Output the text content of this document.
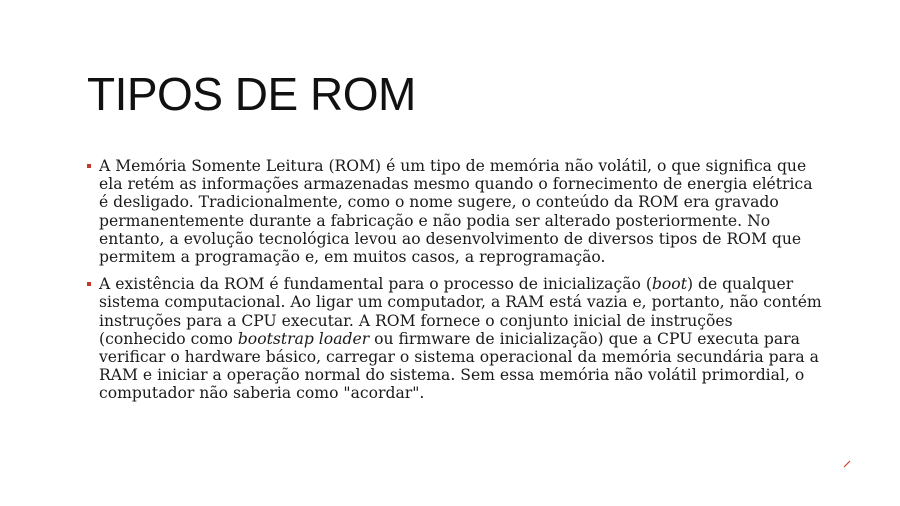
TIPOS DE ROM
A Memória Somente Leitura (ROM) é um tipo de memória não volátil, o que significa que ela retém as informações armazenadas mesmo quando o fornecimento de energia elétrica é desligado. Tradicionalmente, como o nome sugere, o conteúdo da ROM era gravado permanentemente durante a fabricação e não podia ser alterado posteriormente. No entanto, a evolução tecnológica levou ao desenvolvimento de diversos tipos de ROM que permitem a programação e, em muitos casos, a reprogramação.
A existência da ROM é fundamental para o processo de inicialização (boot) de qualquer sistema computacional. Ao ligar um computador, a RAM está vazia e, portanto, não contém instruções para a CPU executar. A ROM fornece o conjunto inicial de instruções (conhecido como bootstrap loader ou firmware de inicialização) que a CPU executa para verificar o hardware básico, carregar o sistema operacional da memória secundária para a RAM e iniciar a operação normal do sistema. Sem essa memória não volátil primordial, o computador não saberia como "acordar".
